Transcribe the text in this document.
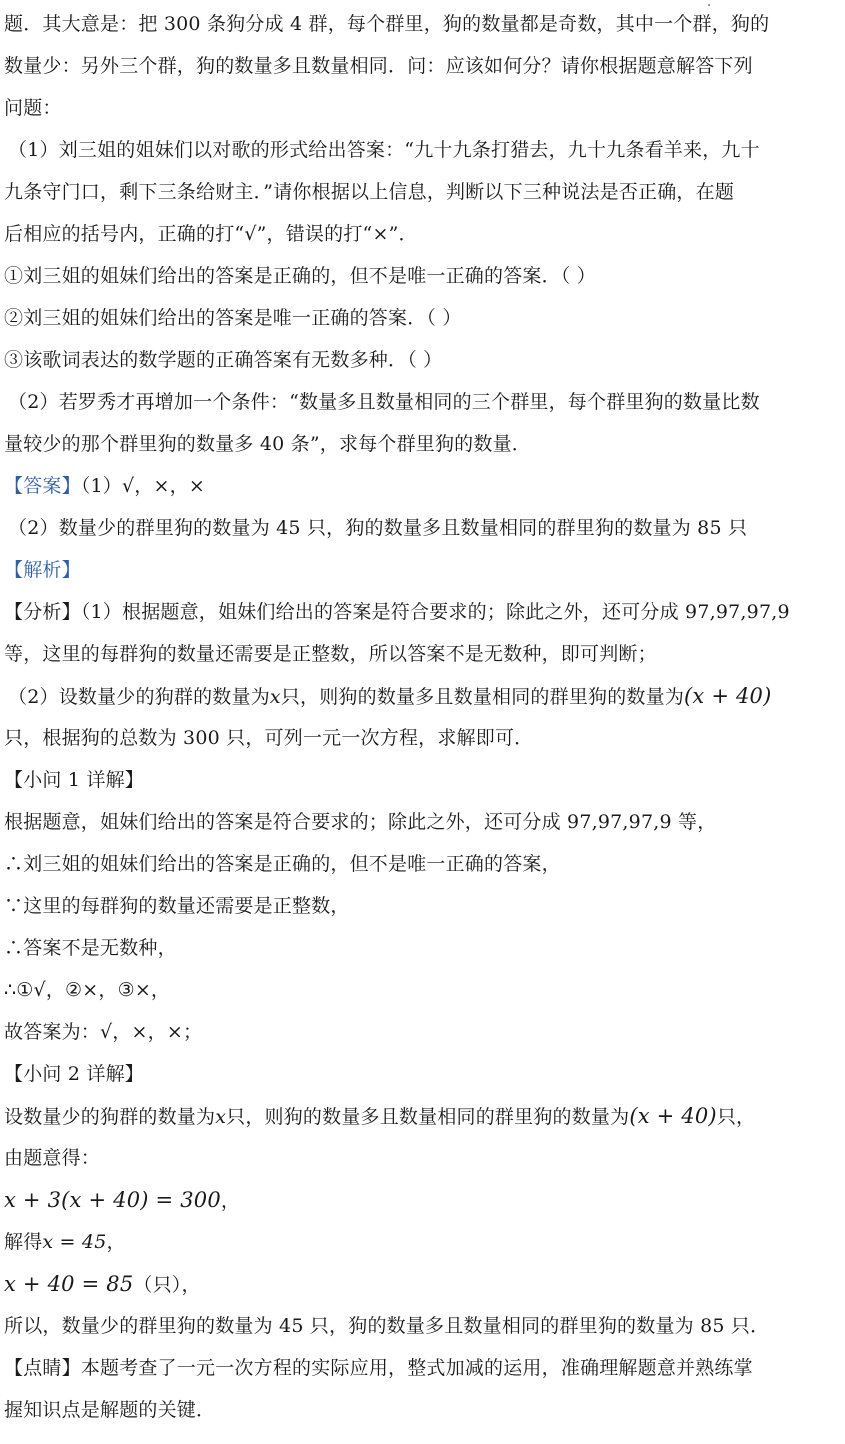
题．其大意是：把 300 条狗分成 4 群，每个群里，狗的数量都是奇数，其中一个群，狗的
数量少：另外三个群，狗的数量多且数量相同．问：应该如何分？请你根据题意解答下列
问题：
（1）刘三姐的姐妹们以对歌的形式给出答案：“九十九条打猎去，九十九条看羊来，九十
九条守门口，剩下三条给财主．”请你根据以上信息，判断以下三种说法是否正确，在题
后相应的括号内，正确的打“√”，错误的打“×”．
①刘三姐的姐妹们给出的答案是正确的，但不是唯一正确的答案．（ ）
②刘三姐的姐妹们给出的答案是唯一正确的答案．（ ）
③该歌词表达的数学题的正确答案有无数多种．（ ）
（2）若罗秀才再增加一个条件：“数量多且数量相同的三个群里，每个群里狗的数量比数
量较少的那个群里狗的数量多 40 条”，求每个群里狗的数量．
【答案】（1）√，×，×
（2）数量少的群里狗的数量为 45 只，狗的数量多且数量相同的群里狗的数量为 85 只
【解析】
【分析】（1）根据题意，姐妹们给出的答案是符合要求的；除此之外，还可分成 97,97,97,9
等，这里的每群狗的数量还需要是正整数，所以答案不是无数种，即可判断；
（2）设数量少的狗群的数量为x只，则狗的数量多且数量相同的群里狗的数量为(x + 40)
只，根据狗的总数为 300 只，可列一元一次方程，求解即可．
【小问 1 详解】
根据题意，姐妹们给出的答案是符合要求的；除此之外，还可分成 97,97,97,9 等，
∴刘三姐的姐妹们给出的答案是正确的，但不是唯一正确的答案，
∵这里的每群狗的数量还需要是正整数，
∴答案不是无数种，
∴①√，②×，③×，
故答案为：√，×，×；
【小问 2 详解】
设数量少的狗群的数量为x只，则狗的数量多且数量相同的群里狗的数量为(x + 40)只，
由题意得：
x + 3(x + 40) = 300，
解得x = 45，
x + 40 = 85（只），
所以，数量少的群里狗的数量为 45 只，狗的数量多且数量相同的群里狗的数量为 85 只．
【点睛】本题考查了一元一次方程的实际应用，整式加减的运用，准确理解题意并熟练掌
握知识点是解题的关键．
